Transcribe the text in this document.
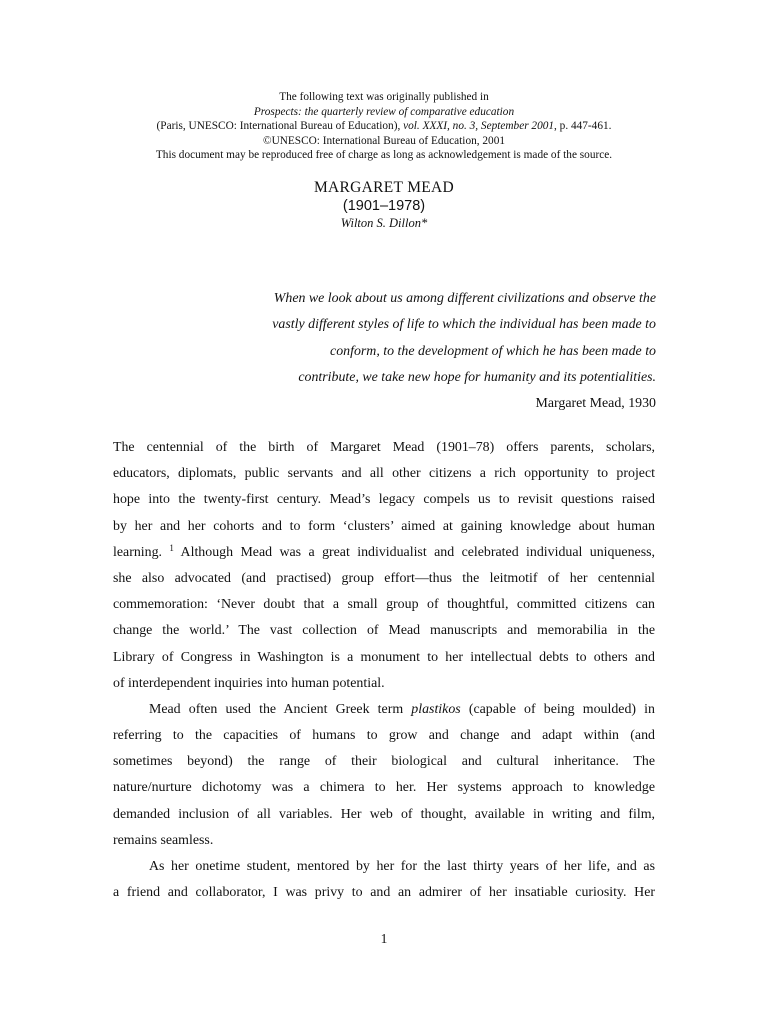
The following text was originally published in
Prospects: the quarterly review of comparative education
(Paris, UNESCO: International Bureau of Education), vol. XXXI, no. 3, September 2001, p. 447-461.
©UNESCO: International Bureau of Education, 2001
This document may be reproduced free of charge as long as acknowledgement is made of the source.
MARGARET MEAD
(1901–1978)
Wilton S. Dillon*
When we look about us among different civilizations and observe the
vastly different styles of life to which the individual has been made to
conform, to the development of which he has been made to
contribute, we take new hope for humanity and its potentialities.
Margaret Mead, 1930
The centennial of the birth of Margaret Mead (1901–78) offers parents, scholars,
educators, diplomats, public servants and all other citizens a rich opportunity to project
hope into the twenty-first century. Mead’s legacy compels us to revisit questions raised
by her and her cohorts and to form ‘clusters’ aimed at gaining knowledge about human
learning. $^1$ Although Mead was a great individualist and celebrated individual uniqueness,
she also advocated (and practised) group effort—thus the leitmotif of her centennial
commemoration: ‘Never doubt that a small group of thoughtful, committed citizens can
change the world.’ The vast collection of Mead manuscripts and memorabilia in the
Library of Congress in Washington is a monument to her intellectual debts to others and
of interdependent inquiries into human potential.
Mead often used the Ancient Greek term plastikos (capable of being moulded) in
referring to the capacities of humans to grow and change and adapt within (and
sometimes beyond) the range of their biological and cultural inheritance. The
nature/nurture dichotomy was a chimera to her. Her systems approach to knowledge
demanded inclusion of all variables. Her web of thought, available in writing and film,
remains seamless.
As her onetime student, mentored by her for the last thirty years of her life, and as
a friend and collaborator, I was privy to and an admirer of her insatiable curiosity. Her
1
